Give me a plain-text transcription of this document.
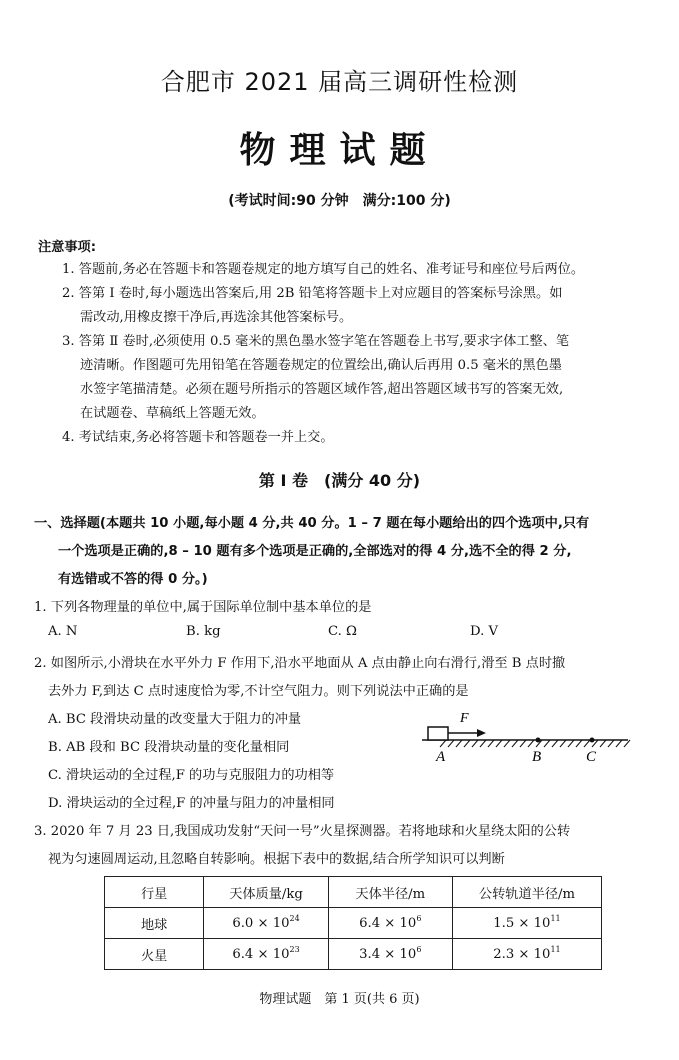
合肥市 2021 届高三调研性检测
物理试题
(考试时间:90 分钟　满分:100 分)
注意事项:
1. 答题前,务必在答题卡和答题卷规定的地方填写自己的姓名、准考证号和座位号后两位。
2. 答第 Ⅰ 卷时,每小题选出答案后,用 2B 铅笔将答题卡上对应题目的答案标号涂黑。如
需改动,用橡皮擦干净后,再选涂其他答案标号。
3. 答第 Ⅱ 卷时,必须使用 0.5 毫米的黑色墨水签字笔在答题卷上书写,要求字体工整、笔
迹清晰。作图题可先用铅笔在答题卷规定的位置绘出,确认后再用 0.5 毫米的黑色墨
水签字笔描清楚。必须在题号所指示的答题区域作答,超出答题区域书写的答案无效,
在试题卷、草稿纸上答题无效。
4. 考试结束,务必将答题卡和答题卷一并上交。
第 Ⅰ 卷　(满分 40 分)
一、选择题(本题共 10 小题,每小题 4 分,共 40 分。1 – 7 题在每小题给出的四个选项中,只有
一个选项是正确的,8 – 10 题有多个选项是正确的,全部选对的得 4 分,选不全的得 2 分,
有选错或不答的得 0 分。)
1. 下列各物理量的单位中,属于国际单位制中基本单位的是
A. N	B. kg	C. Ω	D. V
2. 如图所示,小滑块在水平外力 F 作用下,沿水平地面从 A 点由静止向右滑行,滑至 B 点时撤
去外力 F,到达 C 点时速度恰为零,不计空气阻力。则下列说法中正确的是
A. BC 段滑块动量的改变量大于阻力的冲量
B. AB 段和 BC 段滑块动量的变化量相同
C. 滑块运动的全过程,F 的功与克服阻力的功相等
D. 滑块运动的全过程,F 的冲量与阻力的冲量相同
F
A	B	C
3. 2020 年 7 月 23 日,我国成功发射“天问一号”火星探测器。若将地球和火星绕太阳的公转
视为匀速圆周运动,且忽略自转影响。根据下表中的数据,结合所学知识可以判断
行星	天体质量/kg	天体半径/m	公转轨道半径/m
地球	$6.0 \times 10^{24}$	$6.4 \times 10^6$	$1.5 \times 10^{11}$
火星	$6.4 \times 10^{23}$	$3.4 \times 10^6$	$2.3 \times 10^{11}$
物理试题　第 1 页(共 6 页)
